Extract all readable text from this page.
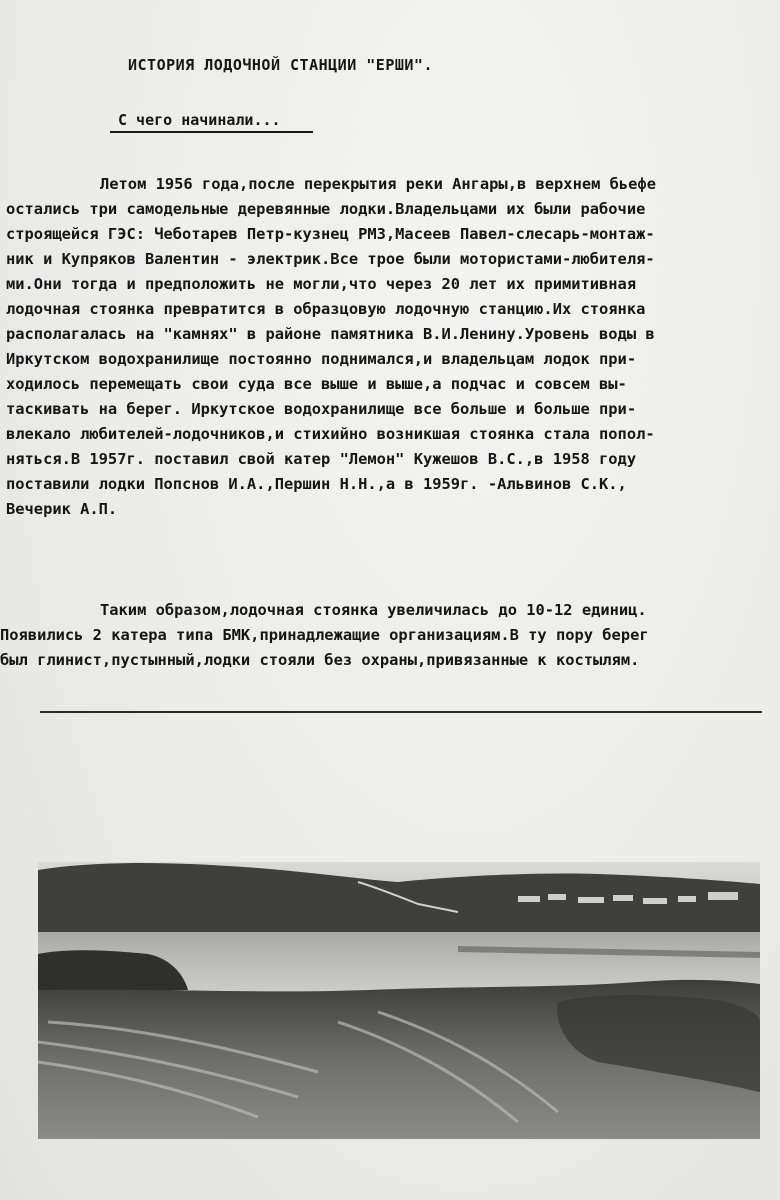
ИСТОРИЯ ЛОДОЧНОЙ СТАНЦИИ "ЕРШИ".
С чего начинали...
Летом 1956 года,после перекрытия реки Ангары,в верхнем бьефе
остались три самодельные деревянные лодки.Владельцами их были рабочие
строящейся ГЭС: Чеботарев Петр-кузнец РМЗ,Масеев Павел-слесарь-монтаж-
ник и Купряков Валентин - электрик.Все трое были мотористами-любителя-
ми.Они тогда и предположить не могли,что через 20 лет их примитивная
лодочная стоянка превратится в образцовую лодочную станцию.Их стоянка
располагалась на "камнях" в районе памятника В.И.Ленину.Уровень воды в
Иркутском водохранилище постоянно поднимался,и владельцам лодок при-
ходилось перемещать свои суда все выше и выше,а подчас и совсем вы-
таскивать на берег. Иркутское водохранилище все больше и больше при-
влекало любителей-лодочников,и стихийно возникшая стоянка стала попол-
няться.В 1957г. поставил свой катер "Лемон" Кужешов В.С.,в 1958 году
поставили лодки Попснов И.А.,Першин Н.Н.,а в 1959г. -Альвинов С.К.,
Вечерик А.П.
Таким образом,лодочная стоянка увеличилась до 10-12 единиц.
Появились 2 катера типа БМК,принадлежащие организациям.В ту пору берег
был глинист,пустынный,лодки стояли без охраны,привязанные к костылям.
